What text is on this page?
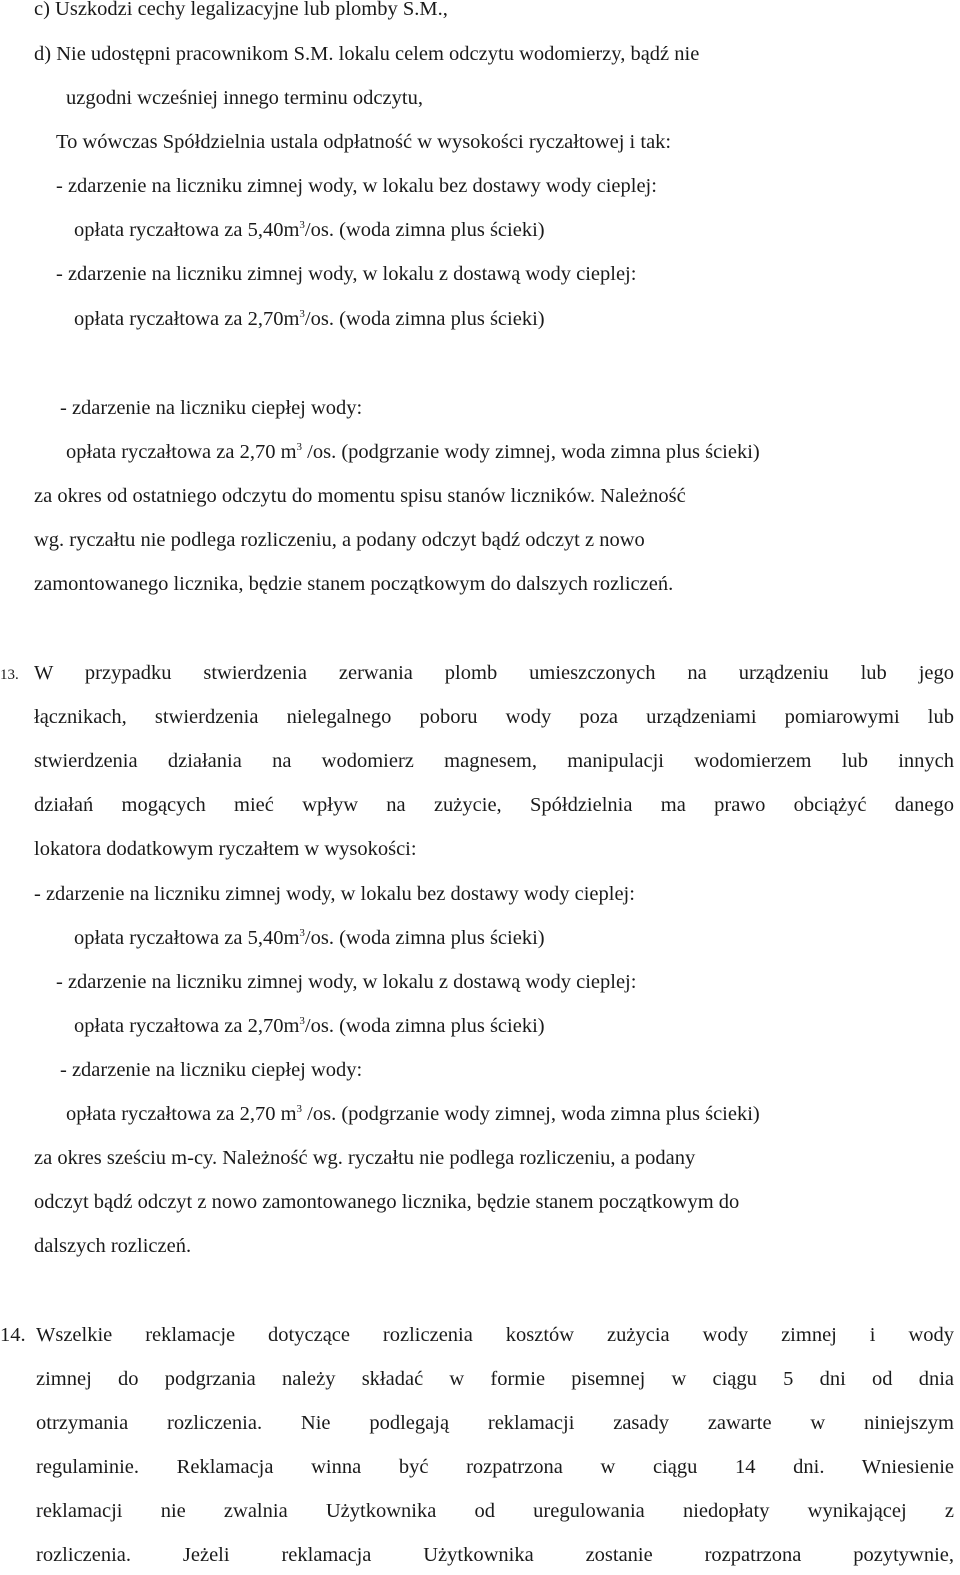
c) Uszkodzi cechy legalizacyjne lub plomby S.M.,
d) Nie udostępni pracownikom S.M. lokalu celem odczytu wodomierzy, bądź nie
uzgodni wcześniej innego terminu odczytu,
To wówczas Spółdzielnia ustala odpłatność w wysokości ryczałtowej i tak:
- zdarzenie na liczniku zimnej wody, w lokalu bez dostawy wody cieplej:
opłata ryczałtowa za $5,40m^3/os$. (woda zimna plus ścieki)
- zdarzenie na liczniku zimnej wody, w lokalu z dostawą wody cieplej:
opłata ryczałtowa za $2,70m^3/os$. (woda zimna plus ścieki)
- zdarzenie na liczniku ciepłej wody:
opłata ryczałtowa za 2,70 $m^3$ /os. (podgrzanie wody zimnej, woda zimna plus ścieki)
za okres od ostatniego odczytu do momentu spisu stanów liczników. Należność
wg. ryczałtu nie podlega rozliczeniu, a podany odczyt bądź odczyt z nowo
zamontowanego licznika, będzie stanem początkowym do dalszych rozliczeń.
13. W przypadku stwierdzenia zerwania plomb umieszczonych na urządzeniu lub jego
łącznikach, stwierdzenia nielegalnego poboru wody poza urządzeniami pomiarowymi lub
stwierdzenia działania na wodomierz magnesem, manipulacji wodomierzem lub innych
działań mogących mieć wpływ na zużycie, Spółdzielnia ma prawo obciążyć danego
lokatora dodatkowym ryczałtem w wysokości:
- zdarzenie na liczniku zimnej wody, w lokalu bez dostawy wody cieplej:
opłata ryczałtowa za $5,40m^3/os$. (woda zimna plus ścieki)
- zdarzenie na liczniku zimnej wody, w lokalu z dostawą wody cieplej:
opłata ryczałtowa za $2,70m^3/os$. (woda zimna plus ścieki)
- zdarzenie na liczniku ciepłej wody:
opłata ryczałtowa za 2,70 $m^3$ /os. (podgrzanie wody zimnej, woda zimna plus ścieki)
za okres sześciu m-cy. Należność wg. ryczałtu nie podlega rozliczeniu, a podany
odczyt bądź odczyt z nowo zamontowanego licznika, będzie stanem początkowym do
dalszych rozliczeń.
14. Wszelkie reklamacje dotyczące rozliczenia kosztów zużycia wody zimnej i wody
zimnej do podgrzania należy składać w formie pisemnej w ciągu 5 dni od dnia
otrzymania rozliczenia. Nie podlegają reklamacji zasady zawarte w niniejszym
regulaminie. Reklamacja winna być rozpatrzona w ciągu 14 dni. Wniesienie
reklamacji nie zwalnia Użytkownika od uregulowania niedopłaty wynikającej z
rozliczenia. Jeżeli reklamacja Użytkownika zostanie rozpatrzona pozytywnie,
